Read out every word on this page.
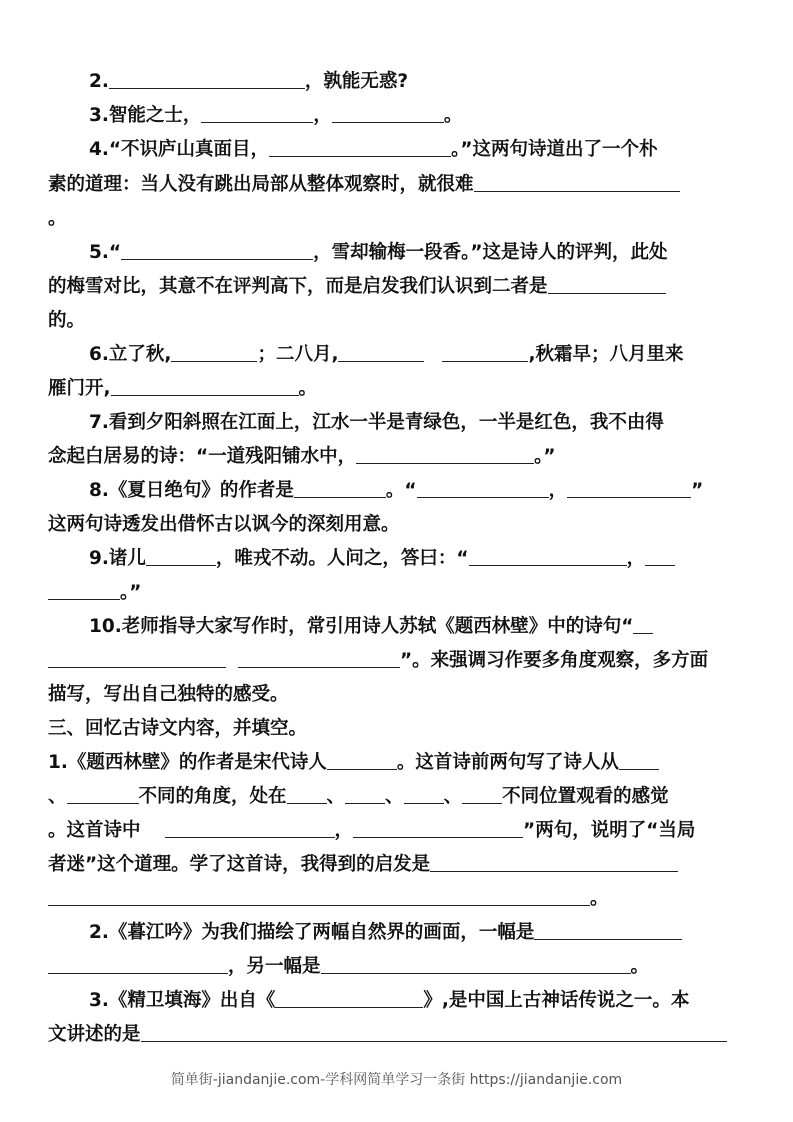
2.	，孰能无惑?

3.智能之士，	，	。

4.“不识庐山真面目，	。”这两句诗道出了一个朴

素的道理：当人没有跳出局部从整体观察时，就很难

。

5.“	，雪却输梅一段香。”这是诗人的评判，此处

的梅雪对比，其意不在评判高下，而是启发我们认识到二者是

的。

6.立了秋,	；二八月,	,秋霜早；八月里来

雁门开,	。

7.看到夕阳斜照在江面上，江水一半是青绿色，一半是红色，我不由得

念起白居易的诗：“一道残阳铺水中，	。”

8.《夏日绝句》的作者是	。“	，	”

这两句诗透发出借怀古以讽今的深刻用意。

9.诸儿	，唯戎不动。人问之，答曰：“	，

。”

10.老师指导大家写作时，常引用诗人苏轼《题西林壁》中的诗句“

”。来强调习作要多角度观察，多方面

描写，写出自己独特的感受。

三、回忆古诗文内容，并填空。

1.《题西林壁》的作者是宋代诗人	。这首诗前两句写了诗人从

、	不同的角度，处在 、 、 、 不同位置观看的感觉

。这首诗中	，	”两句，说明了“当局

者迷”这个道理。学了这首诗，我得到的启发是

。

2.《暮江吟》为我们描绘了两幅自然界的画面，一幅是

，另一幅是	。

3.《精卫填海》出自《	》,是中国上古神话传说之一。本

文讲述的是

简单街-jiandanjie.com-学科网简单学习一条街 https://jiandanjie.com
